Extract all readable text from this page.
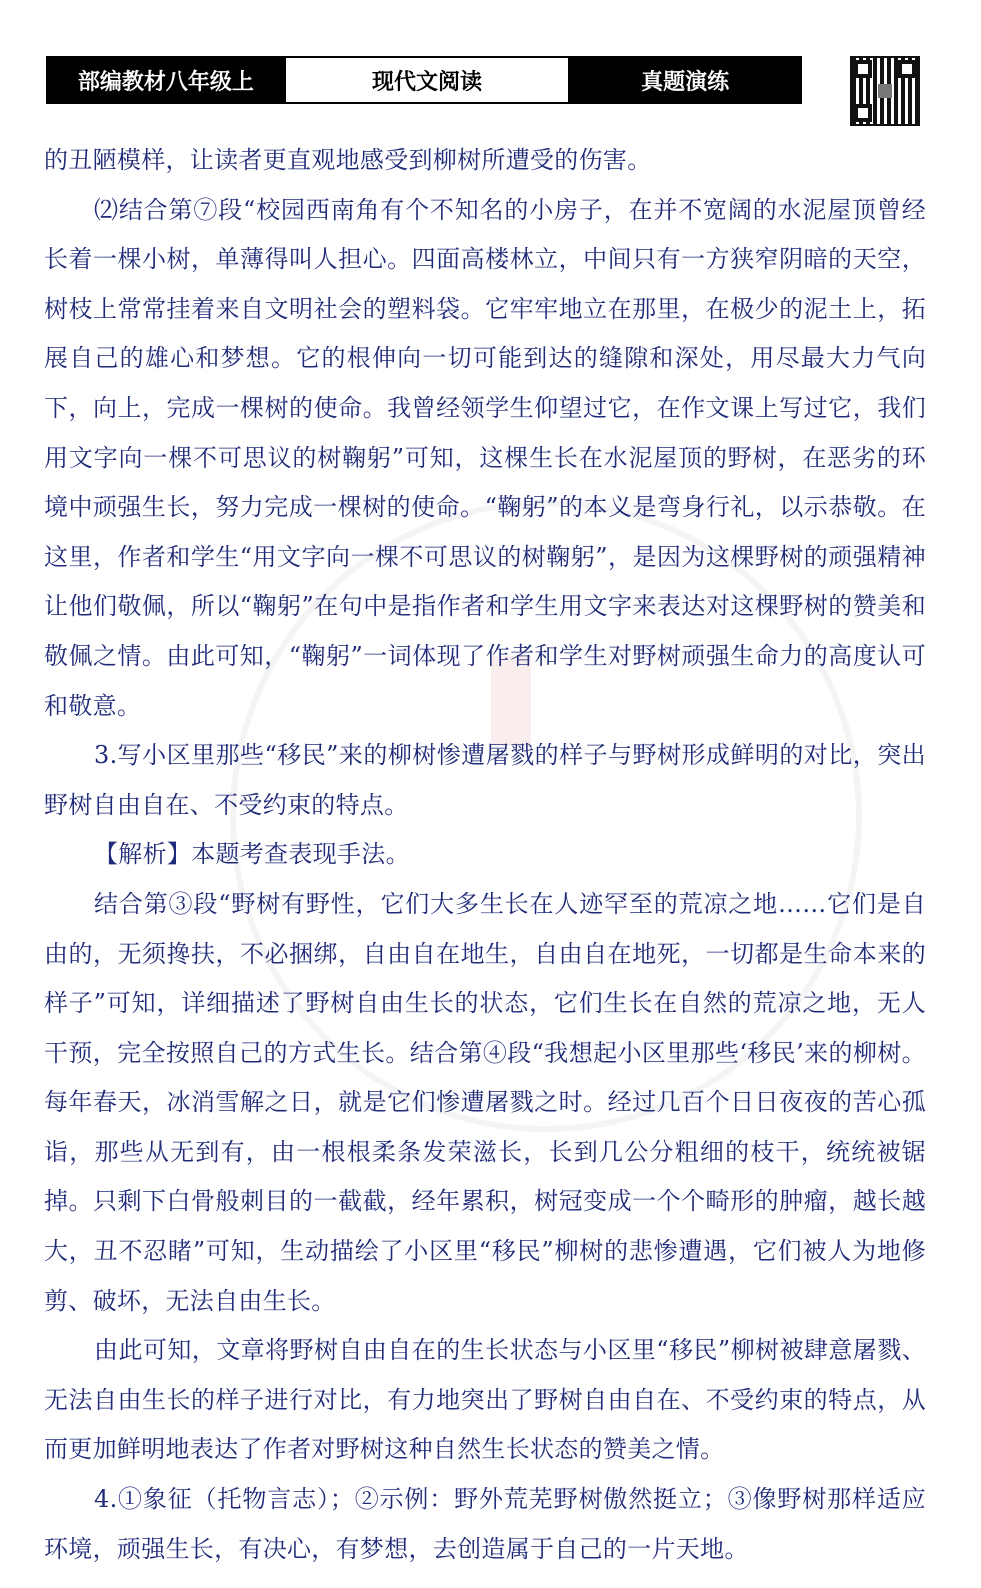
部编教材八年级上	现代文阅读	真题演练

的丑陋模样，让读者更直观地感受到柳树所遭受的伤害。

⑵结合第⑦段“校园西南角有个不知名的小房子，在并不宽阔的水泥屋顶曾经长着一棵小树，单薄得叫人担心。四面高楼林立，中间只有一方狭窄阴暗的天空，树枝上常常挂着来自文明社会的塑料袋。它牢牢地立在那里，在极少的泥土上，拓展自己的雄心和梦想。它的根伸向一切可能到达的缝隙和深处，用尽最大力气向下，向上，完成一棵树的使命。我曾经领学生仰望过它，在作文课上写过它，我们用文字向一棵不可思议的树鞠躬”可知，这棵生长在水泥屋顶的野树，在恶劣的环境中顽强生长，努力完成一棵树的使命。“鞠躬”的本义是弯身行礼，以示恭敬。在这里，作者和学生“用文字向一棵不可思议的树鞠躬”，是因为这棵野树的顽强精神让他们敬佩，所以“鞠躬”在句中是指作者和学生用文字来表达对这棵野树的赞美和敬佩之情。由此可知，“鞠躬”一词体现了作者和学生对野树顽强生命力的高度认可和敬意。

3.写小区里那些“移民”来的柳树惨遭屠戮的样子与野树形成鲜明的对比，突出野树自由自在、不受约束的特点。

【解析】本题考查表现手法。

结合第③段“野树有野性，它们大多生长在人迹罕至的荒凉之地……它们是自由的，无须搀扶，不必捆绑，自由自在地生，自由自在地死，一切都是生命本来的样子”可知，详细描述了野树自由生长的状态，它们生长在自然的荒凉之地，无人干预，完全按照自己的方式生长。结合第④段“我想起小区里那些‘移民’来的柳树。每年春天，冰消雪解之日，就是它们惨遭屠戮之时。经过几百个日日夜夜的苦心孤诣，那些从无到有，由一根根柔条发荣滋长，长到几公分粗细的枝干，统统被锯掉。只剩下白骨般刺目的一截截，经年累积，树冠变成一个个畸形的肿瘤，越长越大，丑不忍睹”可知，生动描绘了小区里“移民”柳树的悲惨遭遇，它们被人为地修剪、破坏，无法自由生长。

由此可知，文章将野树自由自在的生长状态与小区里“移民”柳树被肆意屠戮、无法自由生长的样子进行对比，有力地突出了野树自由自在、不受约束的特点，从而更加鲜明地表达了作者对野树这种自然生长状态的赞美之情。

4.①象征（托物言志）；②示例：野外荒芜野树傲然挺立；③像野树那样适应环境，顽强生长，有决心，有梦想，去创造属于自己的一片天地。
